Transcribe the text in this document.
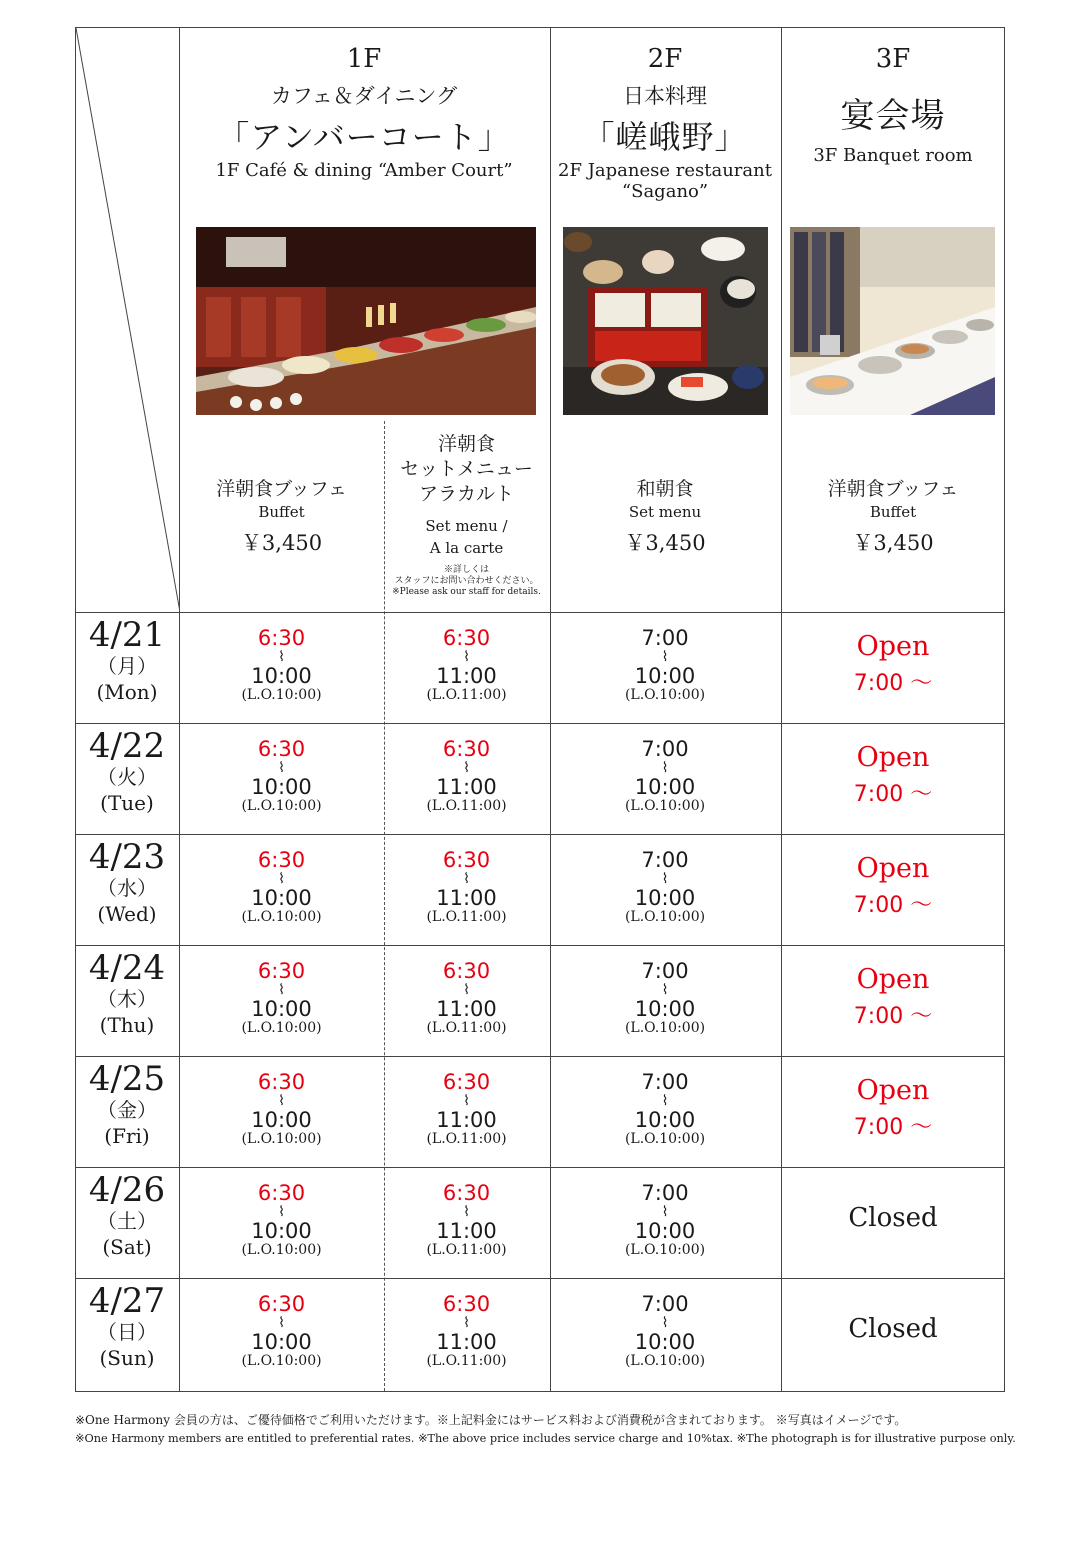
1F
カフェ＆ダイニング
「アンバーコート」
1F Café & dining “Amber Court”
2F
日本料理
「嵯峨野」
2F Japanese restaurant
“Sagano”
3F
宴会場
3F Banquet room
洋朝食ブッフェ
Buffet
￥3,450
洋朝食
セットメニュー
アラカルト
Set menu /
A la carte
※詳しくは
スタッフにお問い合わせください。
※Please ask our staff for details.
和朝食
Set menu
￥3,450
洋朝食ブッフェ
Buffet
￥3,450
4/21
（月）
(Mon)
6:30
⌇
10:00
(L.O.10:00)
6:30
⌇
11:00
(L.O.11:00)
7:00
⌇
10:00
(L.O.10:00)
Open
7:00 ～
4/22
（火）
(Tue)
6:30
⌇
10:00
(L.O.10:00)
6:30
⌇
11:00
(L.O.11:00)
7:00
⌇
10:00
(L.O.10:00)
Open
7:00 ～
4/23
（水）
(Wed)
6:30
⌇
10:00
(L.O.10:00)
6:30
⌇
11:00
(L.O.11:00)
7:00
⌇
10:00
(L.O.10:00)
Open
7:00 ～
4/24
（木）
(Thu)
6:30
⌇
10:00
(L.O.10:00)
6:30
⌇
11:00
(L.O.11:00)
7:00
⌇
10:00
(L.O.10:00)
Open
7:00 ～
4/25
（金）
(Fri)
6:30
⌇
10:00
(L.O.10:00)
6:30
⌇
11:00
(L.O.11:00)
7:00
⌇
10:00
(L.O.10:00)
Open
7:00 ～
4/26
（土）
(Sat)
6:30
⌇
10:00
(L.O.10:00)
6:30
⌇
11:00
(L.O.11:00)
7:00
⌇
10:00
(L.O.10:00)
Closed
4/27
（日）
(Sun)
6:30
⌇
10:00
(L.O.10:00)
6:30
⌇
11:00
(L.O.11:00)
7:00
⌇
10:00
(L.O.10:00)
Closed
※One Harmony 会員の方は、ご優待価格でご利用いただけます。※上記料金にはサービス料および消費税が含まれております。 ※写真はイメージです。
※One Harmony members are entitled to preferential rates. ※The above price includes service charge and 10%tax. ※The photograph is for illustrative purpose only.
